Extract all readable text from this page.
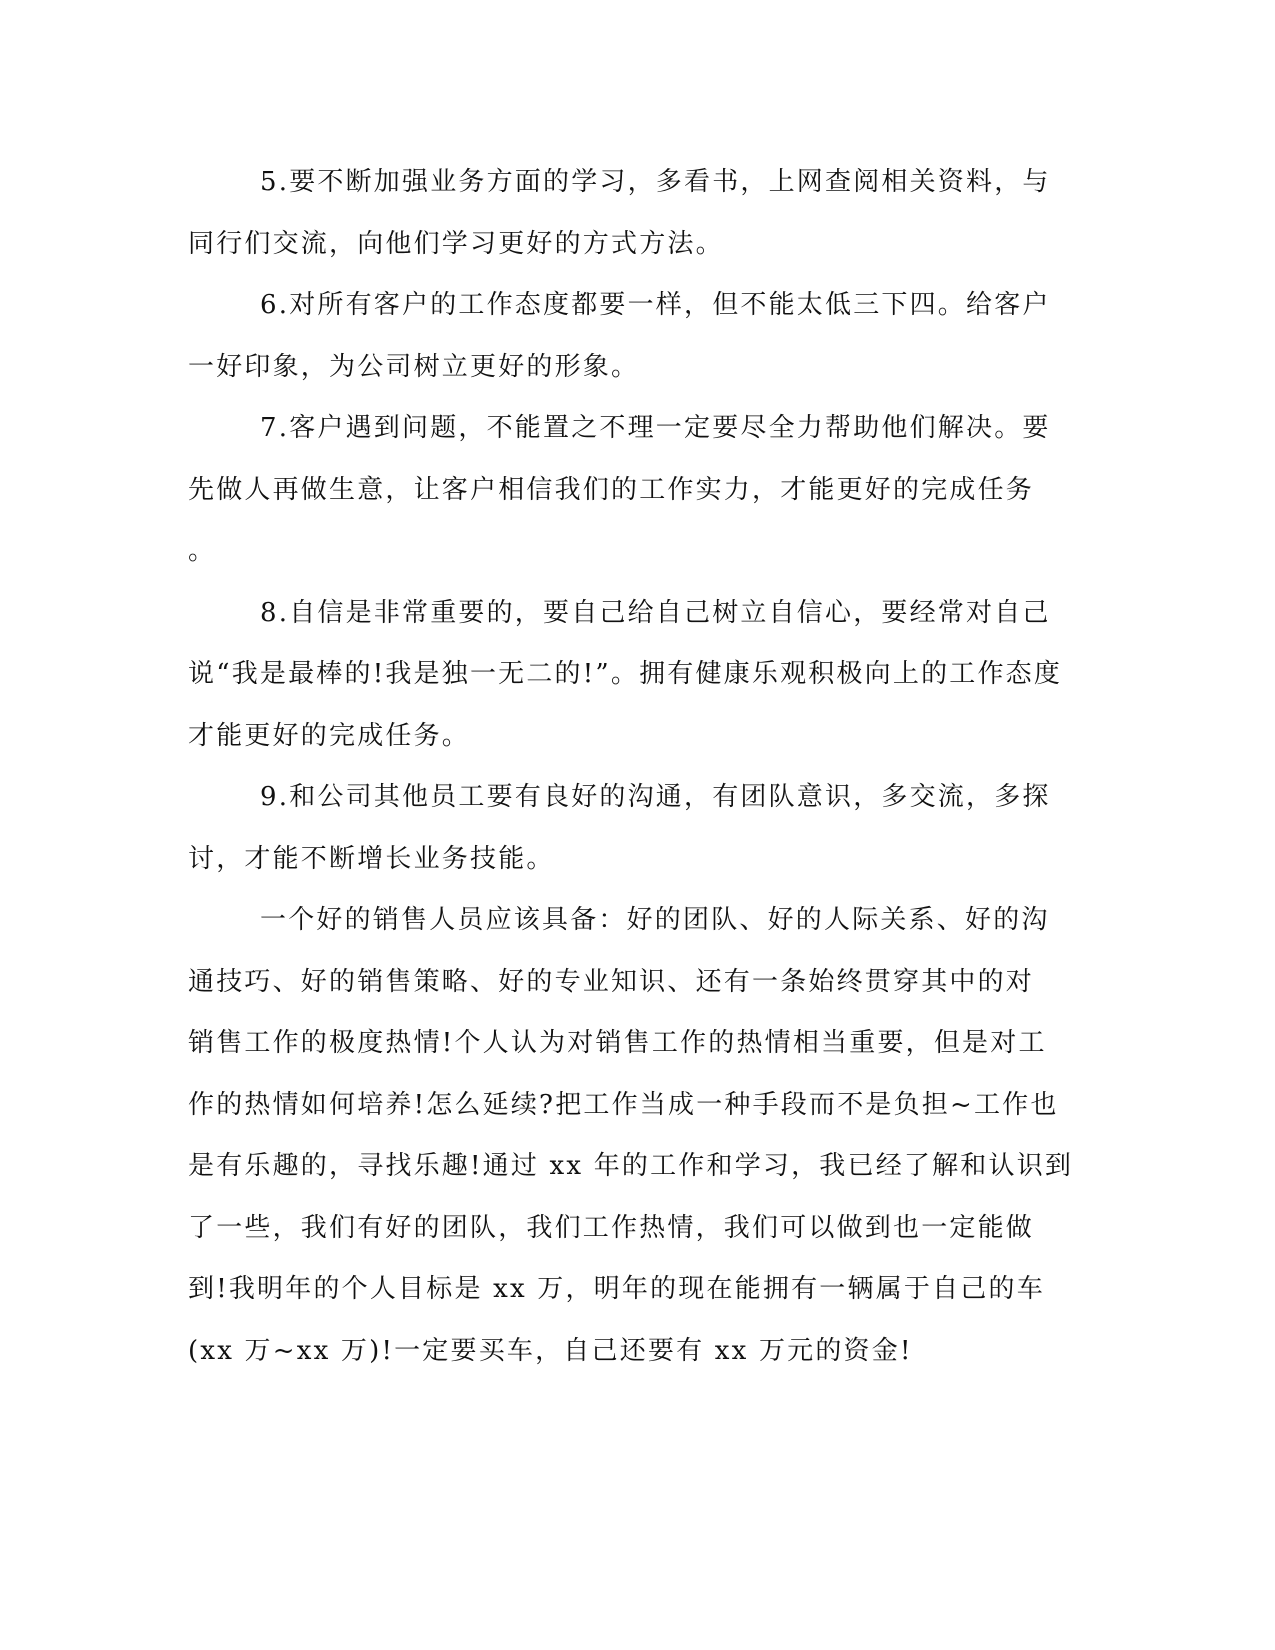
5.要不断加强业务方面的学习，多看书，上网查阅相关资料，与
同行们交流，向他们学习更好的方式方法。
6.对所有客户的工作态度都要一样，但不能太低三下四。给客户
一好印象，为公司树立更好的形象。
7.客户遇到问题，不能置之不理一定要尽全力帮助他们解决。要
先做人再做生意，让客户相信我们的工作实力，才能更好的完成任务
。
8.自信是非常重要的，要自己给自己树立自信心，要经常对自己
说“我是最棒的!我是独一无二的!”。拥有健康乐观积极向上的工作态度
才能更好的完成任务。
9.和公司其他员工要有良好的沟通，有团队意识，多交流，多探
讨，才能不断增长业务技能。
一个好的销售人员应该具备：好的团队、好的人际关系、好的沟
通技巧、好的销售策略、好的专业知识、还有一条始终贯穿其中的对
销售工作的极度热情!个人认为对销售工作的热情相当重要，但是对工
作的热情如何培养!怎么延续?把工作当成一种手段而不是负担~工作也
是有乐趣的，寻找乐趣!通过 xx 年的工作和学习，我已经了解和认识到
了一些，我们有好的团队，我们工作热情，我们可以做到也一定能做
到!我明年的个人目标是 xx 万，明年的现在能拥有一辆属于自己的车
(xx 万~xx 万)!一定要买车，自己还要有 xx 万元的资金!
